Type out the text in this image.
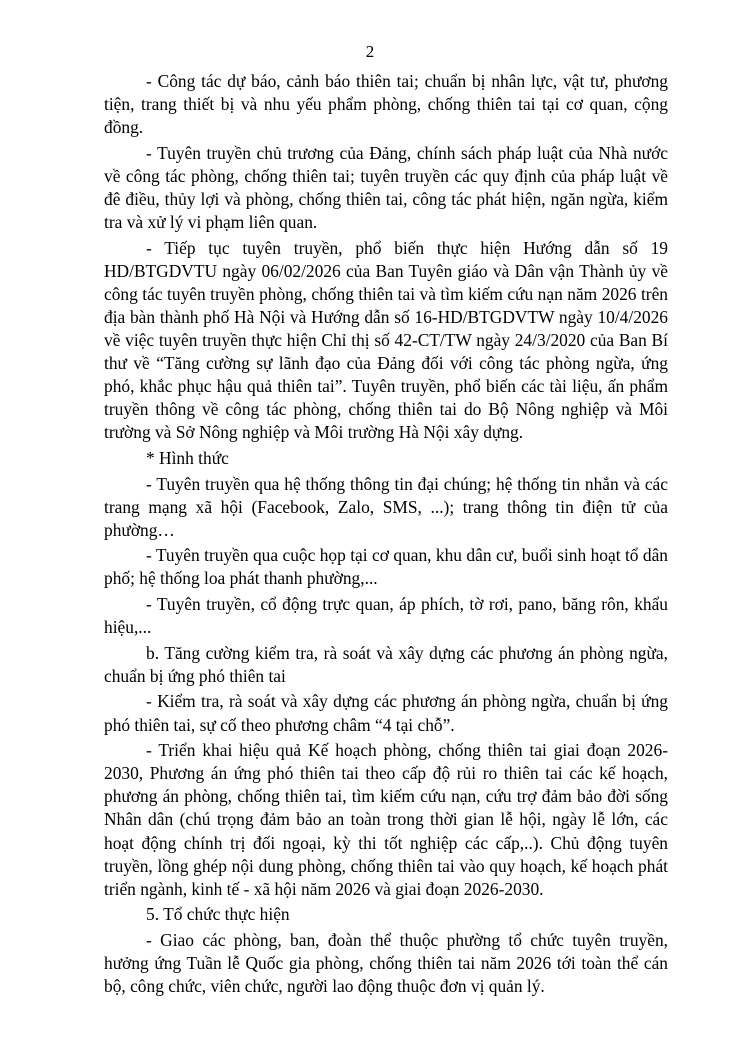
2

- Công tác dự báo, cảnh báo thiên tai; chuẩn bị nhân lực, vật tư, phương tiện, trang thiết bị và nhu yếu phẩm phòng, chống thiên tai tại cơ quan, cộng đồng.

- Tuyên truyền chủ trương của Đảng, chính sách pháp luật của Nhà nước về công tác phòng, chống thiên tai; tuyên truyền các quy định của pháp luật về đê điều, thủy lợi và phòng, chống thiên tai, công tác phát hiện, ngăn ngừa, kiểm tra và xử lý vi phạm liên quan.

- Tiếp tục tuyên truyền, phổ biến thực hiện Hướng dẫn số 19 HD/BTGDVTU ngày 06/02/2026 của Ban Tuyên giáo và Dân vận Thành ủy về công tác tuyên truyền phòng, chống thiên tai và tìm kiếm cứu nạn năm 2026 trên địa bàn thành phố Hà Nội và Hướng dẫn số 16-HD/BTGDVTW ngày 10/4/2026 về việc tuyên truyền thực hiện Chỉ thị số 42-CT/TW ngày 24/3/2020 của Ban Bí thư về “Tăng cường sự lãnh đạo của Đảng đối với công tác phòng ngừa, ứng phó, khắc phục hậu quả thiên tai”. Tuyên truyền, phổ biến các tài liệu, ấn phẩm truyền thông về công tác phòng, chống thiên tai do Bộ Nông nghiệp và Môi trường và Sở Nông nghiệp và Môi trường Hà Nội xây dựng.

* Hình thức

- Tuyên truyền qua hệ thống thông tin đại chúng; hệ thống tin nhắn và các trang mạng xã hội (Facebook, Zalo, SMS, ...); trang thông tin điện tử của phường…

- Tuyên truyền qua cuộc họp tại cơ quan, khu dân cư, buổi sinh hoạt tổ dân phố; hệ thống loa phát thanh phường,...

- Tuyên truyền, cổ động trực quan, áp phích, tờ rơi, pano, băng rôn, khẩu hiệu,...

b. Tăng cường kiểm tra, rà soát và xây dựng các phương án phòng ngừa, chuẩn bị ứng phó thiên tai

- Kiểm tra, rà soát và xây dựng các phương án phòng ngừa, chuẩn bị ứng phó thiên tai, sự cố theo phương châm “4 tại chỗ”.

- Triển khai hiệu quả Kế hoạch phòng, chống thiên tai giai đoạn 2026-2030, Phương án ứng phó thiên tai theo cấp độ rủi ro thiên tai các kế hoạch, phương án phòng, chống thiên tai, tìm kiếm cứu nạn, cứu trợ đảm bảo đời sống Nhân dân (chú trọng đảm bảo an toàn trong thời gian lễ hội, ngày lễ lớn, các hoạt động chính trị đối ngoại, kỳ thi tốt nghiệp các cấp,..). Chủ động tuyên truyền, lồng ghép nội dung phòng, chống thiên tai vào quy hoạch, kế hoạch phát triển ngành, kinh tế - xã hội năm 2026 và giai đoạn 2026-2030.

5. Tổ chức thực hiện

- Giao các phòng, ban, đoàn thể thuộc phường tổ chức tuyên truyền, hưởng ứng Tuần lễ Quốc gia phòng, chống thiên tai năm 2026 tới toàn thể cán bộ, công chức, viên chức, người lao động thuộc đơn vị quản lý.
